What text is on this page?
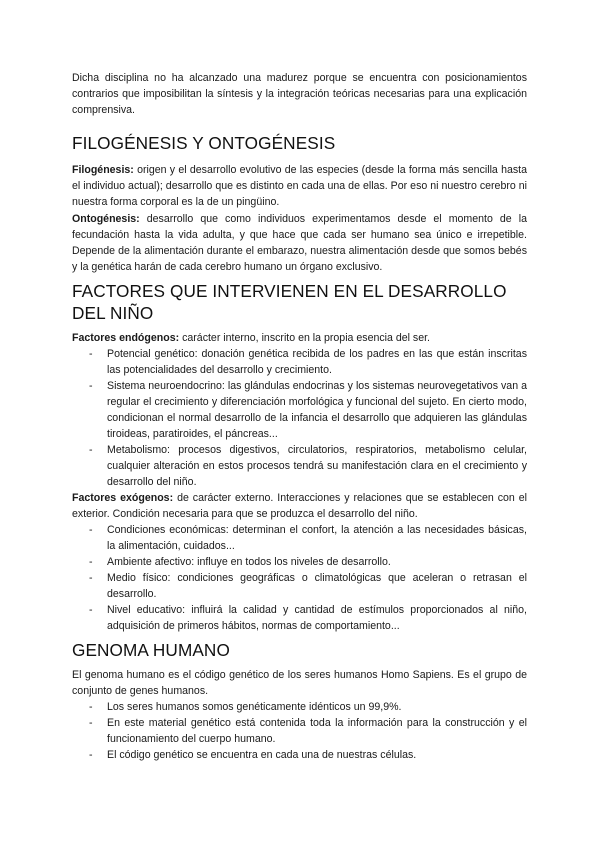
Dicha disciplina no ha alcanzado una madurez porque se encuentra con posicionamientos contrarios que imposibilitan la síntesis y la integración teóricas necesarias para una explicación comprensiva.

FILOGÉNESIS Y ONTOGÉNESIS

Filogénesis: origen y el desarrollo evolutivo de las especies (desde la forma más sencilla hasta el individuo actual); desarrollo que es distinto en cada una de ellas. Por eso ni nuestro cerebro ni nuestra forma corporal es la de un pingüino.

Ontogénesis: desarrollo que como individuos experimentamos desde el momento de la fecundación hasta la vida adulta, y que hace que cada ser humano sea único e irrepetible. Depende de la alimentación durante el embarazo, nuestra alimentación desde que somos bebés y la genética harán de cada cerebro humano un órgano exclusivo.

FACTORES QUE INTERVIENEN EN EL DESARROLLO DEL NIÑO

Factores endógenos: carácter interno, inscrito en la propia esencia del ser.

- Potencial genético: donación genética recibida de los padres en las que están inscritas las potencialidades del desarrollo y crecimiento.
- Sistema neuroendocrino: las glándulas endocrinas y los sistemas neurovegetativos van a regular el crecimiento y diferenciación morfológica y funcional del sujeto. En cierto modo, condicionan el normal desarrollo de la infancia el desarrollo que adquieren las glándulas tiroideas, paratiroides, el páncreas...
- Metabolismo: procesos digestivos, circulatorios, respiratorios, metabolismo celular, cualquier alteración en estos procesos tendrá su manifestación clara en el crecimiento y desarrollo del niño.

Factores exógenos: de carácter externo. Interacciones y relaciones que se establecen con el exterior. Condición necesaria para que se produzca el desarrollo del niño.

- Condiciones económicas: determinan el confort, la atención a las necesidades básicas, la alimentación, cuidados...
- Ambiente afectivo: influye en todos los niveles de desarrollo.
- Medio físico: condiciones geográficas o climatológicas que aceleran o retrasan el desarrollo.
- Nivel educativo: influirá la calidad y cantidad de estímulos proporcionados al niño, adquisición de primeros hábitos, normas de comportamiento...
GENOMA HUMANO

El genoma humano es el código genético de los seres humanos Homo Sapiens. Es el grupo de conjunto de genes humanos.

- Los seres humanos somos genéticamente idénticos un 99,9%.
- En este material genético está contenida toda la información para la construcción y el funcionamiento del cuerpo humano.
- El código genético se encuentra en cada una de nuestras células.
